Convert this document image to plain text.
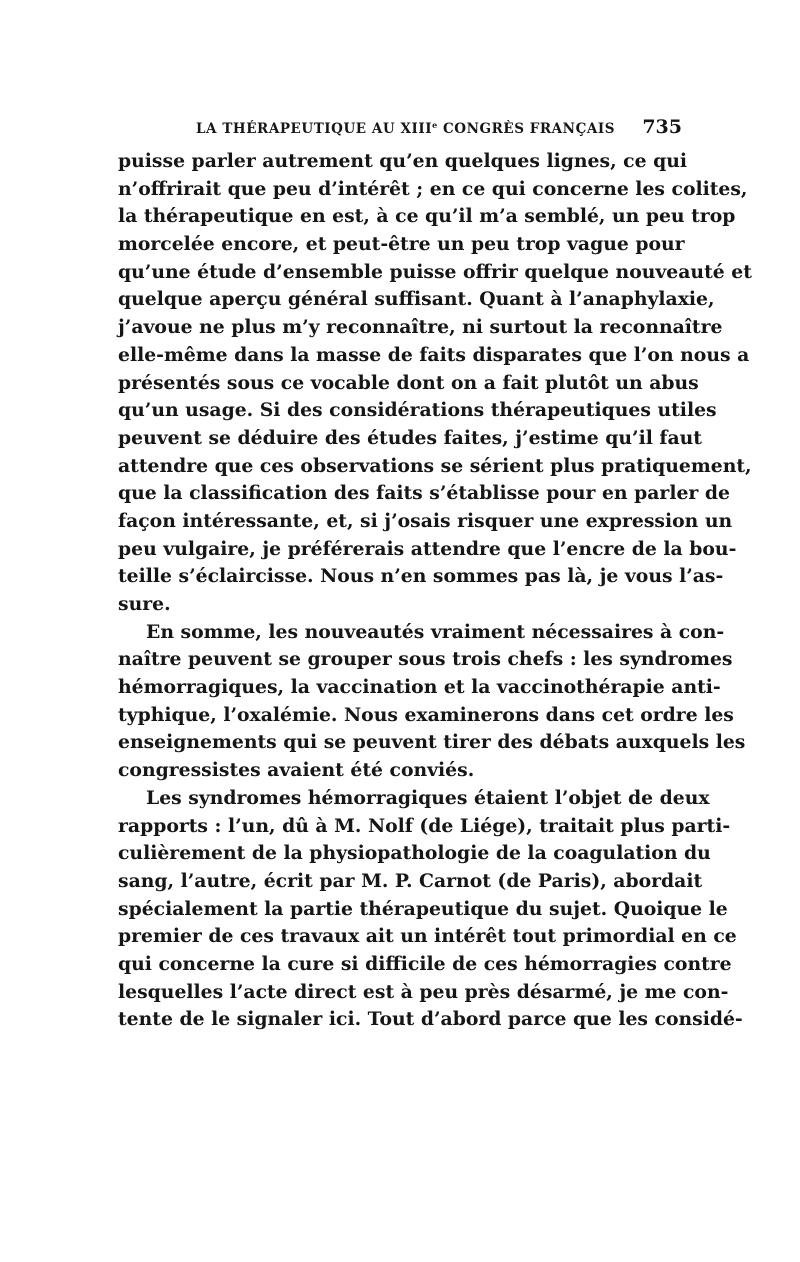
LA THÉRAPEUTIQUE AU XIIIe CONGRÈS FRANÇAIS 735
puisse parler autrement qu’en quelques lignes, ce qui
n’offrirait que peu d’intérêt ; en ce qui concerne les colites,
la thérapeutique en est, à ce qu’il m’a semblé, un peu trop
morcelée encore, et peut-être un peu trop vague pour
qu’une étude d’ensemble puisse offrir quelque nouveauté et
quelque aperçu général suffisant. Quant à l’anaphylaxie,
j’avoue ne plus m’y reconnaître, ni surtout la reconnaître
elle-même dans la masse de faits disparates que l’on nous a
présentés sous ce vocable dont on a fait plutôt un abus
qu’un usage. Si des considérations thérapeutiques utiles
peuvent se déduire des études faites, j’estime qu’il faut
attendre que ces observations se sérient plus pratiquement,
que la classification des faits s’établisse pour en parler de
façon intéressante, et, si j’osais risquer une expression un
peu vulgaire, je préférerais attendre que l’encre de la bou-
teille s’éclaircisse. Nous n’en sommes pas là, je vous l’as-
sure.
En somme, les nouveautés vraiment nécessaires à con-
naître peuvent se grouper sous trois chefs : les syndromes
hémorragiques, la vaccination et la vaccinothérapie anti-
typhique, l’oxalémie. Nous examinerons dans cet ordre les
enseignements qui se peuvent tirer des débats auxquels les
congressistes avaient été conviés.
Les syndromes hémorragiques étaient l’objet de deux
rapports : l’un, dû à M. Nolf (de Liége), traitait plus parti-
culièrement de la physiopathologie de la coagulation du
sang, l’autre, écrit par M. P. Carnot (de Paris), abordait
spécialement la partie thérapeutique du sujet. Quoique le
premier de ces travaux ait un intérêt tout primordial en ce
qui concerne la cure si difficile de ces hémorragies contre
lesquelles l’acte direct est à peu près désarmé, je me con-
tente de le signaler ici. Tout d’abord parce que les considé-
